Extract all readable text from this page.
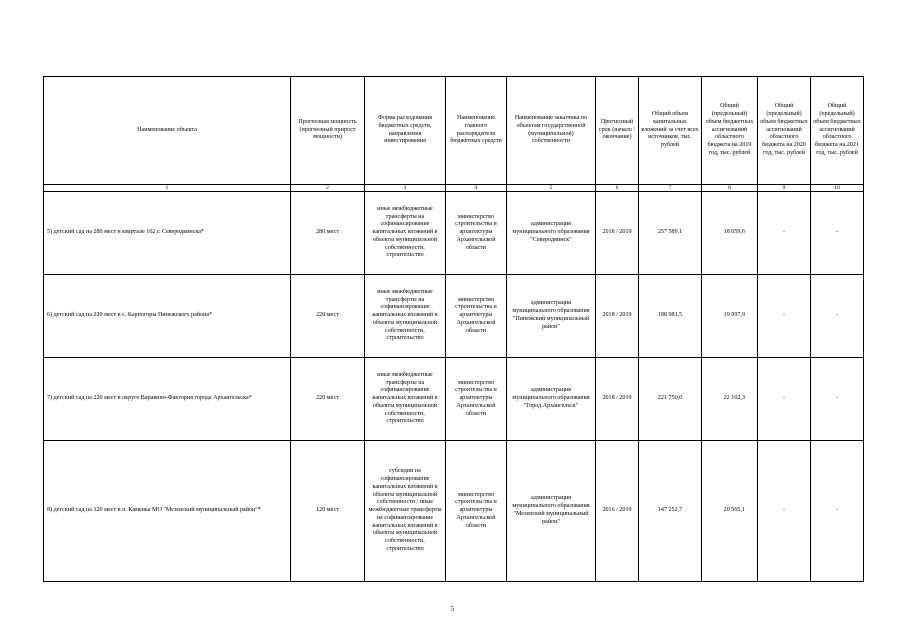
Наименование объекта	Прогнозная мощность (прогнозный прирост мощности)	Форма расходования бюджетных средств, направления инвестирования	Наименование главного распорядителя бюджетных средств	Наименование заказчика по объектам государственной (муниципальной) собственности	Прогнозный срок (начало / окончание)	Общий объем капитальных вложений за счет всех источников, тыс. рублей	Общий (предельный) объем бюджетных ассигнований областного бюджета на 2019 год, тыс. рублей	Общий (предельный) объем бюджетных ассигнований областного бюджета на 2020 год, тыс. рублей	Общий (предельный) объем бюджетных ассигнований областного бюджета на 2021 год, тыс. рублей
1	2	3	4	5	6	7	8	9	10
5) детский сад на 280 мест в квартале 162 г. Северодвинска*	280 мест	иные межбюджетные трансферты на софинансирование капитальных вложений в объекты муниципальной собственности, строительство	министерство строительства и архитектуры Архангельской области	администрация муниципального образования "Северодвинск"	2018 / 2019	257 589,1	18 059,6	-	-
6) детский сад на 220 мест в с. Карпогоры Пинежского района*	220 мест	иные межбюджетные трансферты на софинансирование капитальных вложений в объекты муниципальной собственности, строительство	министерство строительства и архитектуры Архангельской области	администрация муниципального образования "Пинежский муниципальный район"	2018 / 2019	188 981,5	19 997,9	-	-
7) детский сад на 220 мест в округе Варавино-Фактория города Архангельска*	220 мест	иные межбюджетные трансферты на софинансирование капитальных вложений в объекты муниципальной собственности, строительство	министерство строительства и архитектуры Архангельской области	администрация муниципального образования "Город Архангельск"	2018 / 2019	221 750,0	22 102,3	-	-
8) детский сад на 120 мест в п. Каменка МО "Мезенский муниципальный район"*	120 мест	субсидии на софинансирование капитальных вложений в объекты муниципальной собственности / иные межбюджетные трансферты на софинансирование капитальных вложений в объекты муниципальной собственности, строительство	министерство строительства и архитектуры Архангельской области	администрация муниципального образования "Мезенский муниципальный район"	2016 / 2019	147 252,7	20 565,1	-	-
5
